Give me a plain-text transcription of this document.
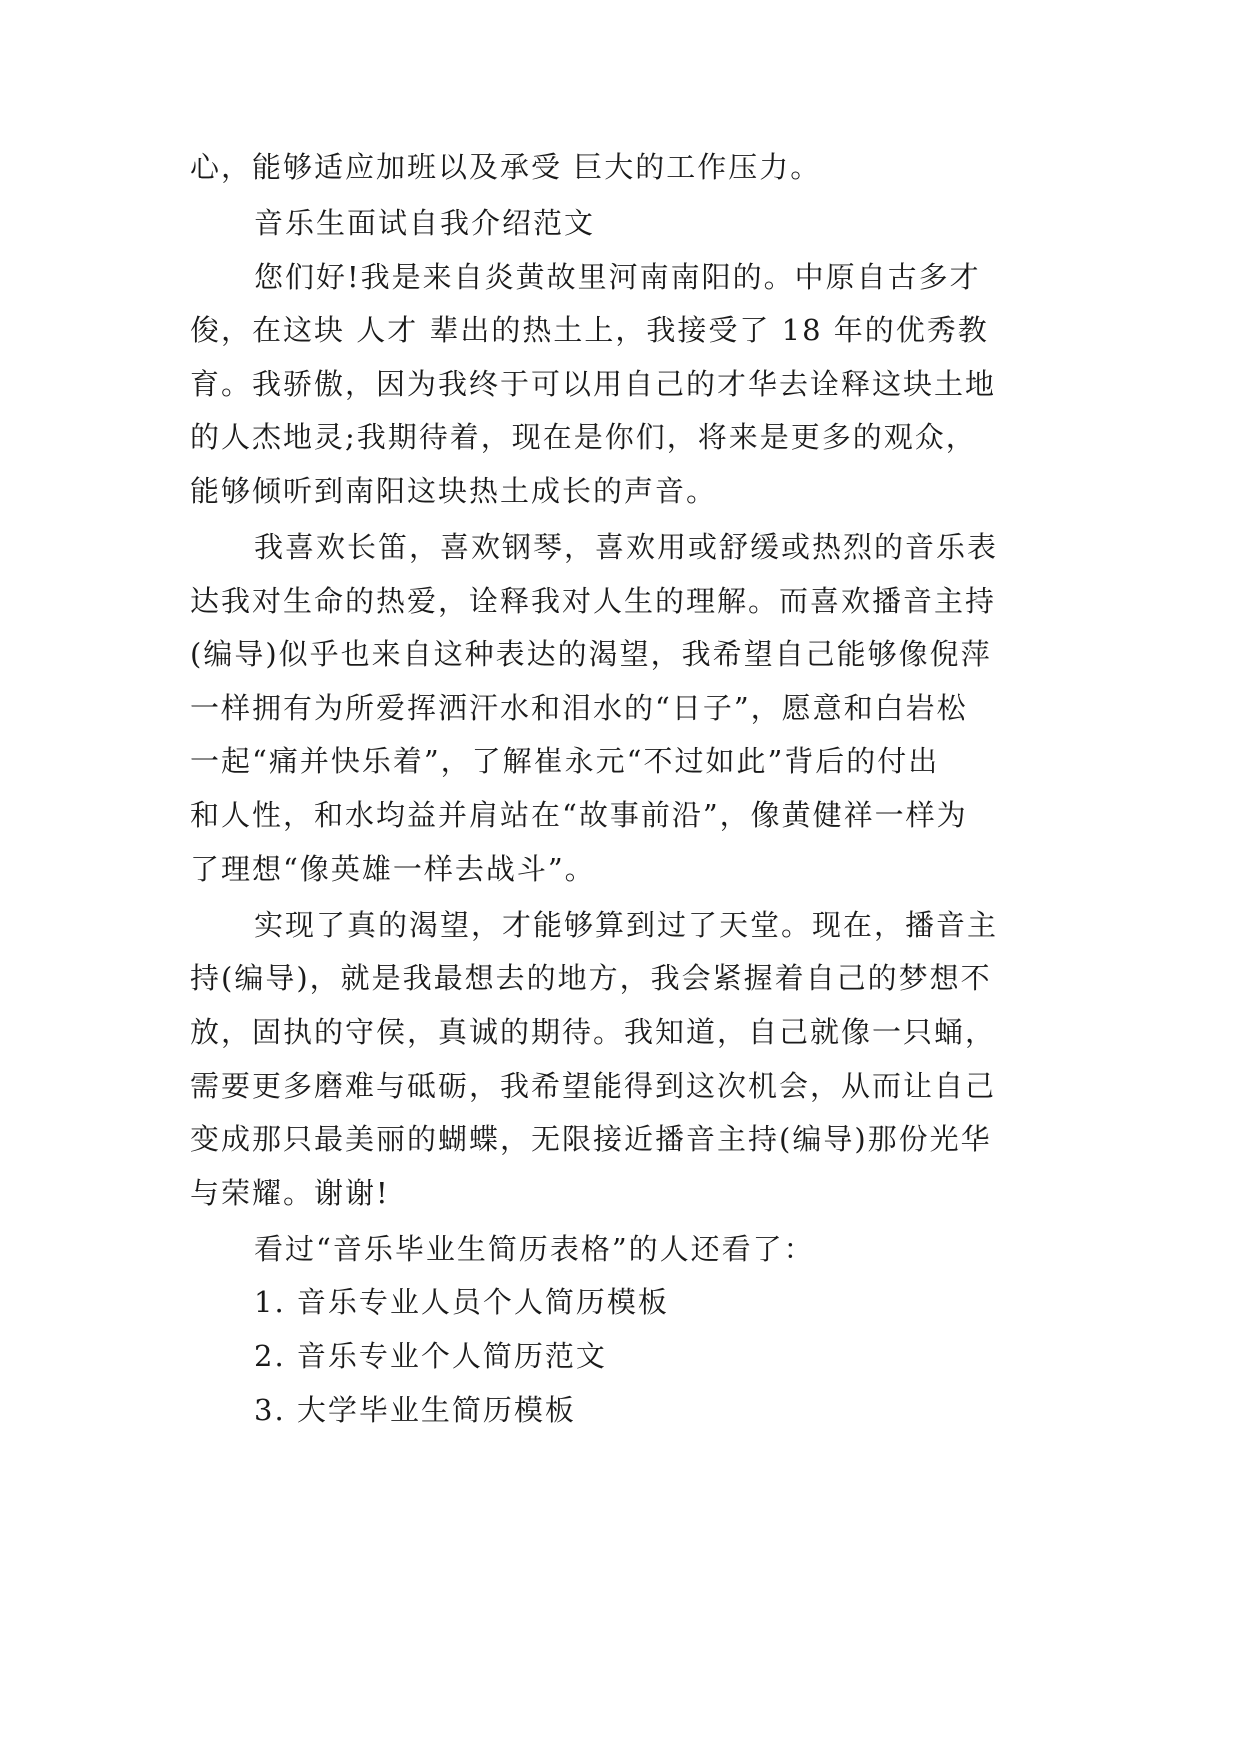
心，能够适应加班以及承受 巨大的工作压力。
音乐生面试自我介绍范文
您们好!我是来自炎黄故里河南南阳的。中原自古多才
俊，在这块 人才 辈出的热土上，我接受了 18 年的优秀教
育。我骄傲，因为我终于可以用自己的才华去诠释这块土地
的人杰地灵;我期待着，现在是你们，将来是更多的观众，
能够倾听到南阳这块热土成长的声音。
我喜欢长笛，喜欢钢琴，喜欢用或舒缓或热烈的音乐表
达我对生命的热爱，诠释我对人生的理解。而喜欢播音主持
(编导)似乎也来自这种表达的渴望，我希望自己能够像倪萍
一样拥有为所爱挥洒汗水和泪水的“日子”，愿意和白岩松
一起“痛并快乐着”，了解崔永元“不过如此”背后的付出
和人性，和水均益并肩站在“故事前沿”，像黄健祥一样为
了理想“像英雄一样去战斗”。
实现了真的渴望，才能够算到过了天堂。现在，播音主
持(编导)，就是我最想去的地方，我会紧握着自己的梦想不
放，固执的守侯，真诚的期待。我知道，自己就像一只蛹，
需要更多磨难与砥砺，我希望能得到这次机会，从而让自己
变成那只最美丽的蝴蝶，无限接近播音主持(编导)那份光华
与荣耀。谢谢!
看过“音乐毕业生简历表格”的人还看了：
1. 音乐专业人员个人简历模板
2. 音乐专业个人简历范文
3. 大学毕业生简历模板
